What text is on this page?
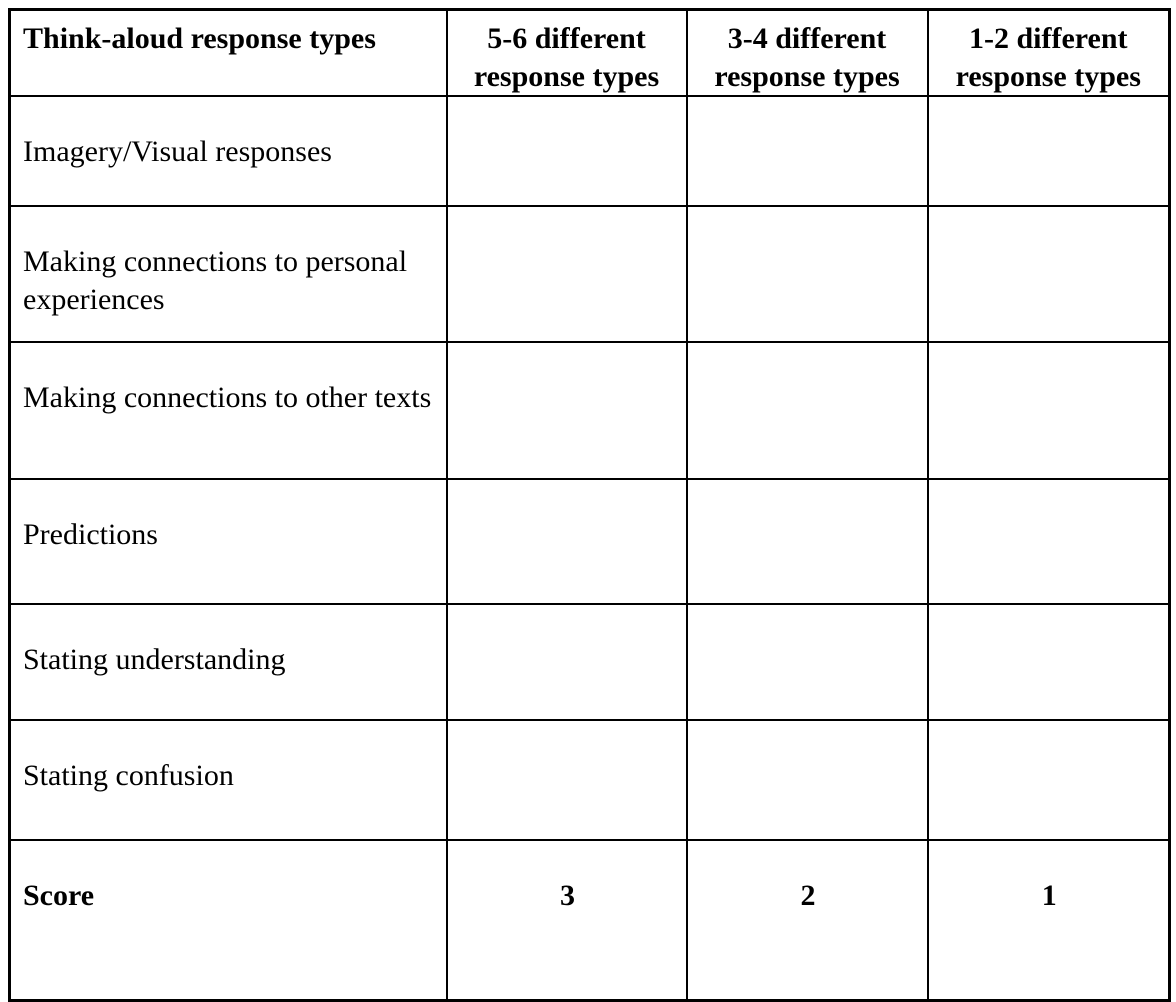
Think-aloud response types	5-6 different response types	3-4 different response types	1-2 different response types
Imagery/Visual responses			
Making connections to personal experiences			
Making connections to other texts			
Predictions			
Stating understanding			
Stating confusion			
Score	3	2	1
